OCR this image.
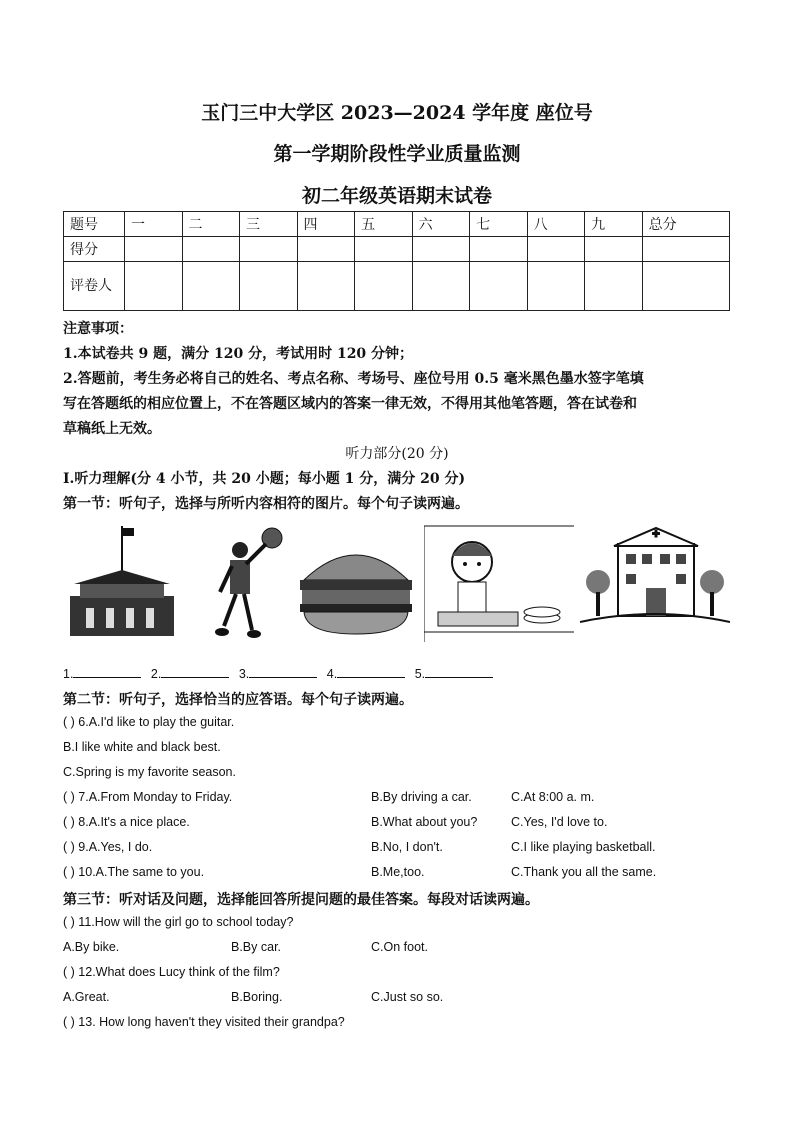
玉门三中大学区 2023—2024 学年度 座位号
第一学期阶段性学业质量监测
初二年级英语期末试卷
题号	一	二	三	四	五	六	七	八	九	总分
得分										
评卷人										
注意事项：
1.本试卷共 9 题，满分 120 分，考试用时 120 分钟；
2.答题前，考生务必将自己的姓名、考点名称、考场号、座位号用 0.5 毫米黑色墨水签字笔填
写在答题纸的相应位置上，不在答题区域内的答案一律无效，不得用其他笔答题，答在试卷和
草稿纸上无效。
听力部分(20 分)
I.听力理解(分 4 小节，共 20 小题；每小题 1 分，满分 20 分)
第一节：听句子，选择与所听内容相符的图片。每个句子读两遍。
1.	2.	3.	4.	5.
第二节：听句子，选择恰当的应答语。每个句子读两遍。
( ) 6.A.I'd like to play the guitar.
B.I like white and black best.
C.Spring is my favorite season.
( ) 7.A.From Monday to Friday.	B.By driving a car.	C.At 8:00 a. m.
( ) 8.A.It's a nice place.	B.What about you?	C.Yes, I'd love to.
( ) 9.A.Yes, I do.	B.No, I don't.	C.I like playing basketball.
( ) 10.A.The same to you.	B.Me,too.	C.Thank you all the same.
第三节：听对话及问题，选择能回答所提问题的最佳答案。每段对话读两遍。
( ) 11.How will the girl go to school today?
A.By bike.	B.By car.	C.On foot.
( ) 12.What does Lucy think of the film?
A.Great.	B.Boring.	C.Just so so.
( ) 13. How long haven't they visited their grandpa?
